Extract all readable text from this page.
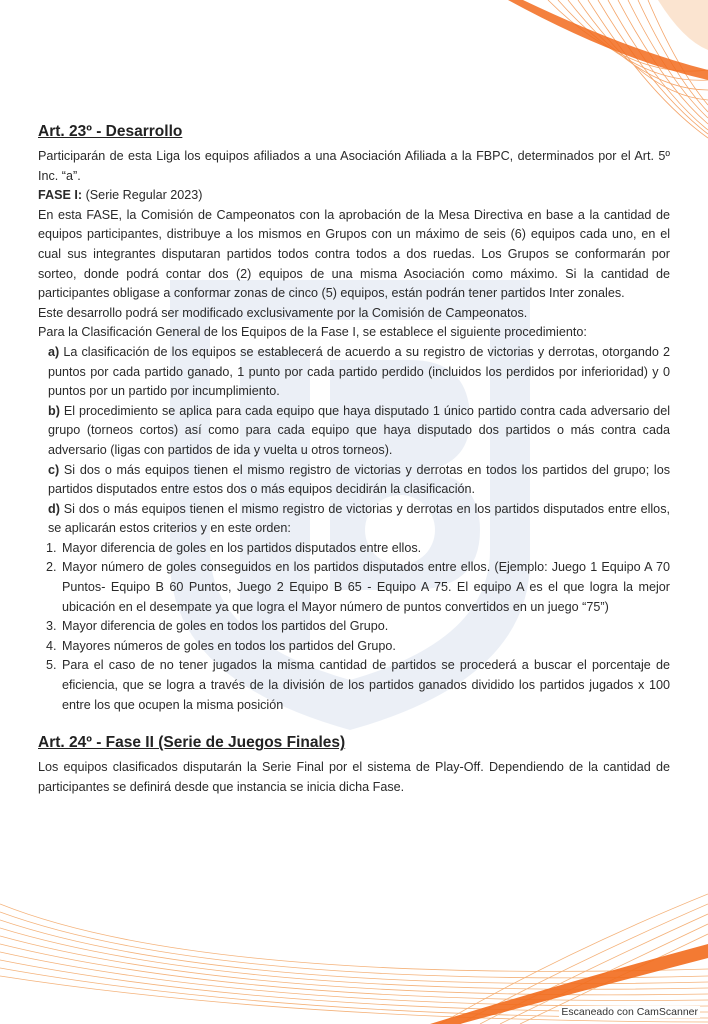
Art. 23º - Desarrollo

Participarán de esta Liga los equipos afiliados a una Asociación Afiliada a la FBPC, determinados por el Art. 5º Inc. “a”.

FASE I: (Serie Regular 2023)

En esta FASE, la Comisión de Campeonatos con la aprobación de la Mesa Directiva en base a la cantidad de equipos participantes, distribuye a los mismos en Grupos con un máximo de seis (6) equipos cada uno, en el cual sus integrantes disputaran partidos todos contra todos a dos ruedas. Los Grupos se conformarán por sorteo, donde podrá contar dos (2) equipos de una misma Asociación como máximo. Si la cantidad de participantes obligase a conformar zonas de cinco (5) equipos, están podrán tener partidos Inter zonales.

Este desarrollo podrá ser modificado exclusivamente por la Comisión de Campeonatos.

Para la Clasificación General de los Equipos de la Fase I, se establece el siguiente procedimiento:

a) La clasificación de los equipos se establecerá de acuerdo a su registro de victorias y derrotas, otorgando 2 puntos por cada partido ganado, 1 punto por cada partido perdido (incluidos los perdidos por inferioridad) y 0 puntos por un partido por incumplimiento.

b) El procedimiento se aplica para cada equipo que haya disputado 1 único partido contra cada adversario del grupo (torneos cortos) así como para cada equipo que haya disputado dos partidos o más contra cada adversario (ligas con partidos de ida y vuelta u otros torneos).

c) Si dos o más equipos tienen el mismo registro de victorias y derrotas en todos los partidos del grupo; los partidos disputados entre estos dos o más equipos decidirán la clasificación.

d) Si dos o más equipos tienen el mismo registro de victorias y derrotas en los partidos disputados entre ellos, se aplicarán estos criterios y en este orden:

1. Mayor diferencia de goles en los partidos disputados entre ellos.
2. Mayor número de goles conseguidos en los partidos disputados entre ellos. (Ejemplo: Juego 1 Equipo A 70 Puntos- Equipo B 60 Puntos, Juego 2 Equipo B 65 - Equipo A 75. El equipo A es el que logra la mejor ubicación en el desempate ya que logra el Mayor número de puntos convertidos en un juego “75”)
3. Mayor diferencia de goles en todos los partidos del Grupo.
4. Mayores números de goles en todos los partidos del Grupo.
5. Para el caso de no tener jugados la misma cantidad de partidos se procederá a buscar el porcentaje de eficiencia, que se logra a través de la división de los partidos ganados dividido los partidos jugados x 100 entre los que ocupen la misma posición
Art. 24º - Fase II (Serie de Juegos Finales)

Los equipos clasificados disputarán la Serie Final por el sistema de Play-Off. Dependiendo de la cantidad de participantes se definirá desde que instancia se inicia dicha Fase.

Escaneado con CamScanner
